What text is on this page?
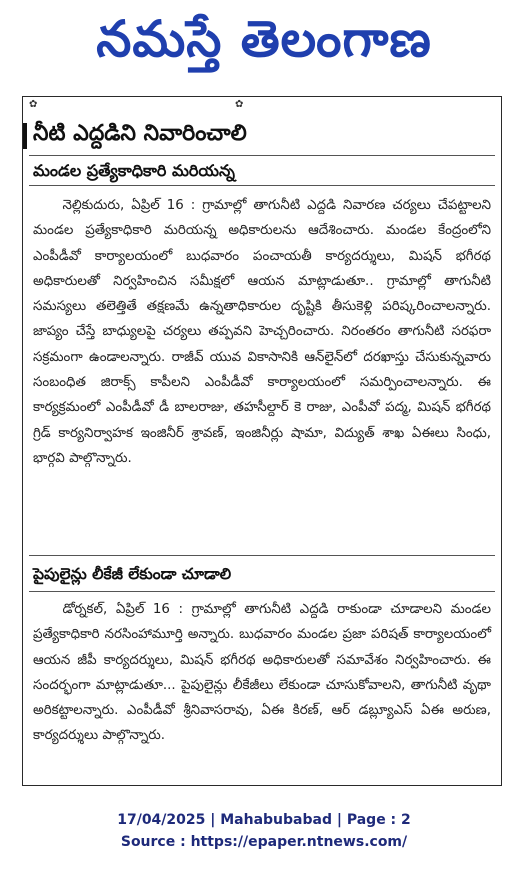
నమస్తే తెలంగాణ
✿	✿
నీటి ఎద్దడిని నివారించాలి
మండల ప్రత్యేకాధికారి మరియన్న
నెల్లికుదురు, ఏప్రిల్ 16 : గ్రామాల్లో తాగునీటి ఎద్దడి నివారణ చర్యలు చేపట్టాలని మండల ప్రత్యేకాధికారి మరియన్న అధికారులను ఆదేశించారు. మండల కేంద్రంలోని ఎంపీడీవో కార్యాలయంలో బుధవారం పంచాయతీ కార్యదర్శులు, మిషన్ భగీరథ అధికారులతో నిర్వహించిన సమీక్షలో ఆయన మాట్లాడుతూ.. గ్రామాల్లో తాగునీటి సమస్యలు తలెత్తితే తక్షణమే ఉన్నతాధికారుల దృష్టికి తీసుకెళ్లి పరిష్కరించాలన్నారు. జాప్యం చేస్తే బాధ్యులపై చర్యలు తప్పవని హెచ్చరించారు. నిరంతరం తాగునీటి సరఫరా సక్రమంగా ఉండాలన్నారు. రాజీవ్ యువ వికాసానికి ఆన్‌లైన్‌లో దరఖాస్తు చేసుకున్నవారు సంబంధిత జిరాక్స్ కాపీలని ఎంపీడీవో కార్యాలయంలో సమర్పించాలన్నారు. ఈ కార్యక్రమంలో ఎంపీడీవో డీ బాలరాజు, తహసీల్దార్ కె రాజు, ఎంపీవో పద్మ, మిషన్ భగీరథ గ్రిడ్ కార్యనిర్వాహక ఇంజినీర్ శ్రావణ్, ఇంజినీర్లు షామా, విద్యుత్ శాఖ ఏఈలు సింధు, భార్గవి పాల్గొన్నారు.
పైపులైన్లు లీకేజీ లేకుండా చూడాలి
డోర్నకల్, ఏప్రిల్ 16 : గ్రామాల్లో తాగునీటి ఎద్దడి రాకుండా చూడాలని మండల ప్రత్యేకాధికారి నరసింహామూర్తి అన్నారు. బుధవారం మండల ప్రజా పరిషత్ కార్యాలయంలో ఆయన జీపీ కార్యదర్శులు, మిషన్ భగీరథ అధికారులతో సమావేశం నిర్వహించారు. ఈ సందర్భంగా మాట్లాడుతూ... పైపులైన్లు లీకేజీలు లేకుండా చూసుకోవాలని, తాగునీటి వృథా అరికట్టాలన్నారు. ఎంపీడీవో శ్రీనివాసరావు, ఏఈ కిరణ్, ఆర్ డబ్ల్యూఎస్ ఏఈ అరుణ, కార్యదర్శులు పాల్గొన్నారు.
17/04/2025 | Mahabubabad | Page : 2
Source : https://epaper.ntnews.com/
